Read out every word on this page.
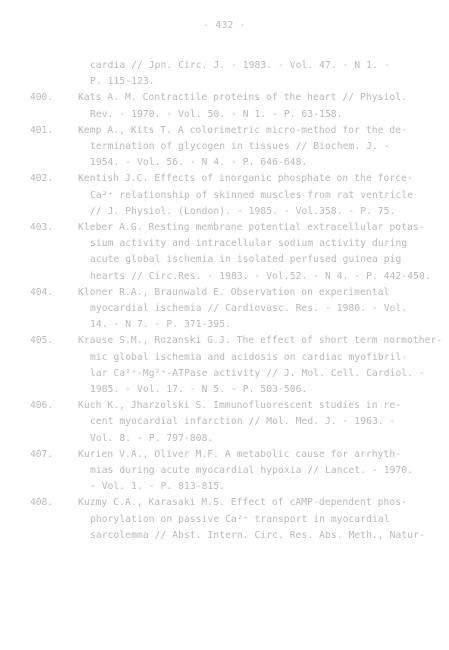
- 432 -
cardia // Jpn. Circ. J. - 1983. - Vol. 47. - N 1. -
P. 115-123.
400.	Kats A. M. Contractile proteins of the heart // Physiol.
Rev. - 1970. - Vol. 50. - N 1. - P. 63-158.
401.	Kemp A., Kits T. A colorimetric micro-method for the de-
termination of glycogen in tissues // Biochem. J. -
1954. - Vol. 56. - N 4. - P. 646-648.
402.	Kentish J.C. Effects of inorganic phosphate on the force-
Ca²⁺ relationship of skinned muscles from rat ventricle
// J. Physiol. (London). - 1985. - Vol.358. - P. 75.
403.	Kleber A.G. Resting membrane potential extracellular potas-
sium activity and intracellular sodium activity during
acute global ischemia in isolated perfused guinea pig
hearts // Circ.Res. - 1983. - Vol.52. - N 4. - P. 442-450.
404.	Kloner R.A., Braunwald E. Observation on experimental
myocardial ischemia // Cardiovasc. Res. - 1980. - Vol.
14. - N 7. - P. 371-395.
405.	Krause S.M., Rozanski G.J. The effect of short term normother-
mic global ischemia and acidosis on cardiac myofibril-
lar Ca²⁺-Mg²⁺-ATPase activity // J. Mol. Cell. Cardiol. -
1985. - Vol. 17. - N 5. - P. 503-506.
406.	Kuch K., Jharzolski S. Immunofluorescent studies in re-
cent myocardial infarction // Mol. Med. J. - 1963. -
Vol. 8. - P. 797-808.
407.	Kurien V.A., Oliver M.F. A metabolic cause for arrhyth-
mias during acute myocardial hypoxia // Lancet. - 1970.
- Vol. 1. - P. 813-815.
408.	Kuzmy C.A., Karasaki M.S. Effect of cAMP-dependent phos-
phorylation on passive Ca²⁺ transport in myocardial
sarcolemma // Abst. Intern. Circ. Res. Abs. Meth., Natur-
